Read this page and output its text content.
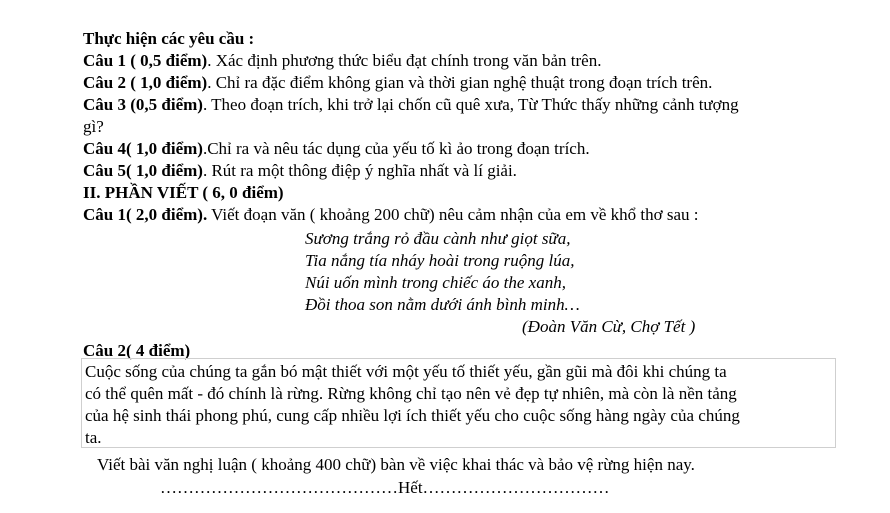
Thực hiện các yêu cầu :
Câu 1 ( 0,5 điểm). Xác định phương thức biểu đạt chính trong văn bản trên.
Câu 2 ( 1,0 điểm). Chỉ ra đặc điểm không gian và thời gian nghệ thuật trong đoạn trích trên.
Câu 3 (0,5 điểm). Theo đoạn trích, khi trở lại chốn cũ quê xưa, Từ Thức thấy những cảnh tượng
gì?
Câu 4( 1,0 điểm).Chỉ ra và nêu tác dụng của yếu tố kì ảo trong đoạn trích.
Câu 5( 1,0 điểm). Rút ra một thông điệp ý nghĩa nhất và lí giải.
II. PHẦN VIẾT ( 6, 0 điểm)
Câu 1( 2,0 điểm). Viết đoạn văn ( khoảng 200 chữ) nêu cảm nhận của em về khổ thơ sau :
Sương trắng rỏ đầu cành như giọt sữa,
Tia nắng tía nháy hoài trong ruộng lúa,
Núi uốn mình trong chiếc áo the xanh,
Đồi thoa son nằm dưới ánh bình minh…
(Đoàn Văn Cừ, Chợ Tết )
Câu 2( 4 điểm)
Cuộc sống của chúng ta gắn bó mật thiết với một yếu tố thiết yếu, gần gũi mà đôi khi chúng ta
có thể quên mất - đó chính là rừng. Rừng không chỉ tạo nên vẻ đẹp tự nhiên, mà còn là nền tảng
của hệ sinh thái phong phú, cung cấp nhiều lợi ích thiết yếu cho cuộc sống hàng ngày của chúng
ta.
Viết bài văn nghị luận ( khoảng 400 chữ) bàn về việc khai thác và bảo vệ rừng hiện nay.
……………………………………Hết……………………………
